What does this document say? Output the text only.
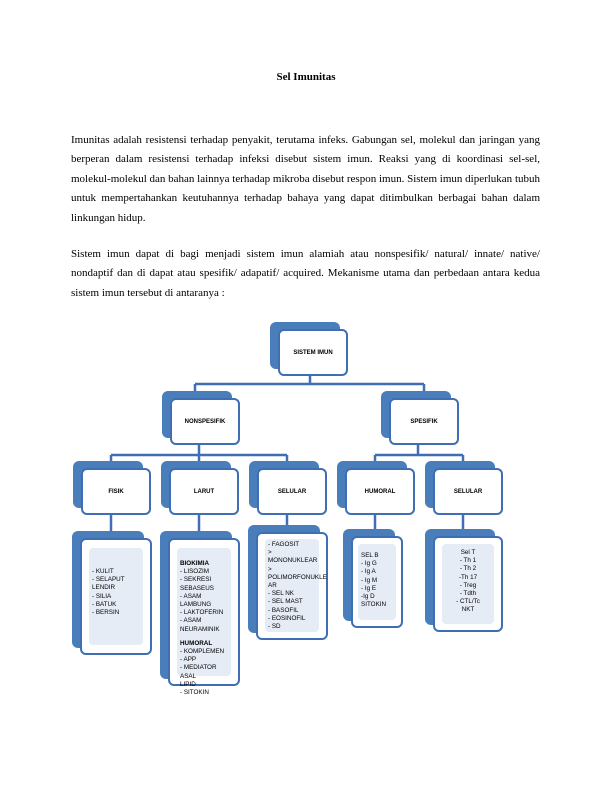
Sel Imunitas

Imunitas adalah resistensi terhadap penyakit, terutama infeks. Gabungan sel, molekul dan jaringan yang berperan dalam resistensi terhadap infeksi disebut sistem imun. Reaksi yang di koordinasi sel-sel, molekul-molekul dan bahan lainnya terhadap mikroba disebut respon imun. Sistem imun diperlukan tubuh untuk mempertahankan keutuhannya terhadap bahaya yang dapat ditimbulkan berbagai bahan dalam linkungan hidup.

Sistem imun dapat di bagi menjadi sistem imun alamiah atau nonspesifik/ natural/ innate/ native/ nondaptif dan di dapat atau spesifik/ adapatif/ acquired. Mekanisme utama dan perbedaan antara kedua sistem imun tersebut di antaranya :

SISTEM IMUN
NONSPESIFIK	SPESIFIK
FISIK	LARUT	SELULAR	HUMORAL	SELULAR
- KULIT
- SELAPUT
LENDIR
- SILIA
- BATUK
- BERSIN
BIOKIMIA
- LISOZIM
- SEKRESI SEBASEUS
- ASAM LAMBUNG
- LAKTOFERIN
- ASAM NEURAMINIK
HUMORAL
- KOMPLEMEN
- APP
- MEDIATOR ASAL
LIPID
- SITOKIN
- FAGOSIT
> MONONUKLEAR
>
POLIMORFONUKLE
AR
- SEL NK
- SEL MAST
- BASOFIL
- EOSINOFIL
- SD
SEL B
- Ig G
- Ig A
- Ig M
- Ig E
-Ig D
SITOKIN
Sel T
- Th 1
- Th 2
-Th 17
- Treg
- Tdth
- CTL/Tc
NKT
